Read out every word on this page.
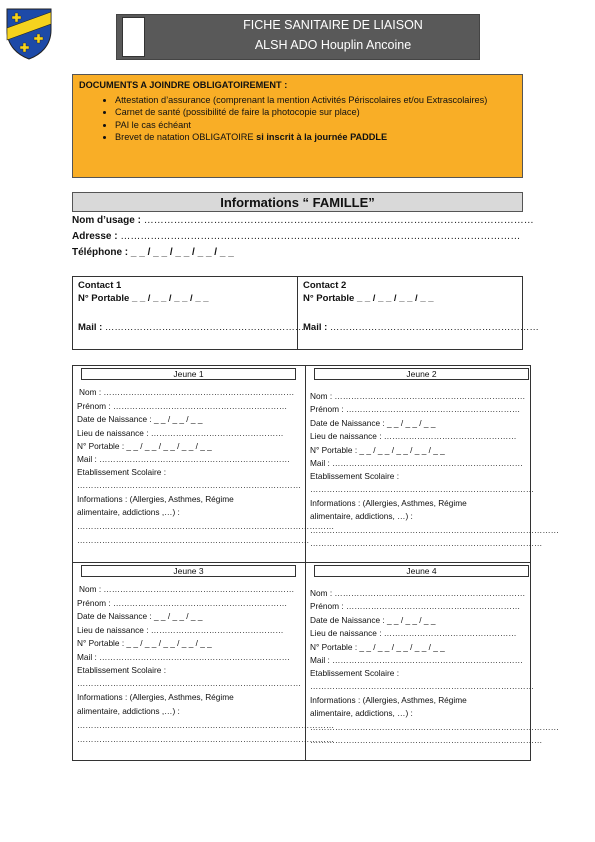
FICHE SANITAIRE DE LIAISON
ALSH ADO Houplin Ancoine
DOCUMENTS A JOINDRE OBLIGATOIREMENT :
• Attestation d’assurance (comprenant la mention Activités Périscolaires et/ou Extrascolaires)
• Carnet de santé (possibilité de faire la photocopie sur place)
• PAI le cas échéant
• Brevet de natation OBLIGATOIRE si inscrit à la journée PADDLE
Informations “ FAMILLE”
Nom d’usage : ………………………………………………………………………………………………………
Adresse : …………………………………………………………………………………………………………
Téléphone : _ _ / _ _ / _ _ / _ _ / _ _
Contact 1
N° Portable _ _ / _ _ / _ _ / _ _
Mail : ………………………………………………………
Contact 2
N° Portable _ _ / _ _ / _ _ / _ _
Mail : …………………………………………………………
Jeune 1
Nom : ……………………………………………………………
Prénom : ………………………………………………………
Date de Naissance : _ _ / _ _ / _ _
Lieu de naissance : …………………………………………
N° Portable : _ _ / _ _ / _ _ / _ _ / _ _
Mail : ……………………………………………………………
Etablissement Scolaire :
………………………………………………………………………
Informations : (Allergies, Asthmes, Régime
alimentaire, addictions ,…) :
…………………………………………………………………………………
…………………………………………………………………………
Jeune 2
Nom : ……………………………………………………………
Prénom : ………………………………………………………
Date de Naissance : _ _ / _ _ / _ _
Lieu de naissance : …………………………………………
N° Portable : _ _ / _ _ / _ _ / _ _ / _ _
Mail : ……………………………………………………………
Etablissement Scolaire :
………………………………………………………………………
Informations : (Allergies, Asthmes, Régime
alimentaire, addictions, …) :
………………………………………………………………………………
…………………………………………………………………………
Jeune 3
Nom : ……………………………………………………………
Prénom : ………………………………………………………
Date de Naissance : _ _ / _ _ / _ _
Lieu de naissance : …………………………………………
N° Portable : _ _ / _ _ / _ _ / _ _ / _ _
Mail : ……………………………………………………………
Etablissement Scolaire :
………………………………………………………………………
Informations : (Allergies, Asthmes, Régime
alimentaire, addictions ,…) :
…………………………………………………………………………………
…………………………………………………………………………………
Jeune 4
Nom : ……………………………………………………………
Prénom : ………………………………………………………
Date de Naissance : _ _ / _ _ / _ _
Lieu de naissance : …………………………………………
N° Portable : _ _ / _ _ / _ _ / _ _ / _ _
Mail : ……………………………………………………………
Etablissement Scolaire :
………………………………………………………………………
Informations : (Allergies, Asthmes, Régime
alimentaire, addictions, …) :
………………………………………………………………………………
…………………………………………………………………………
